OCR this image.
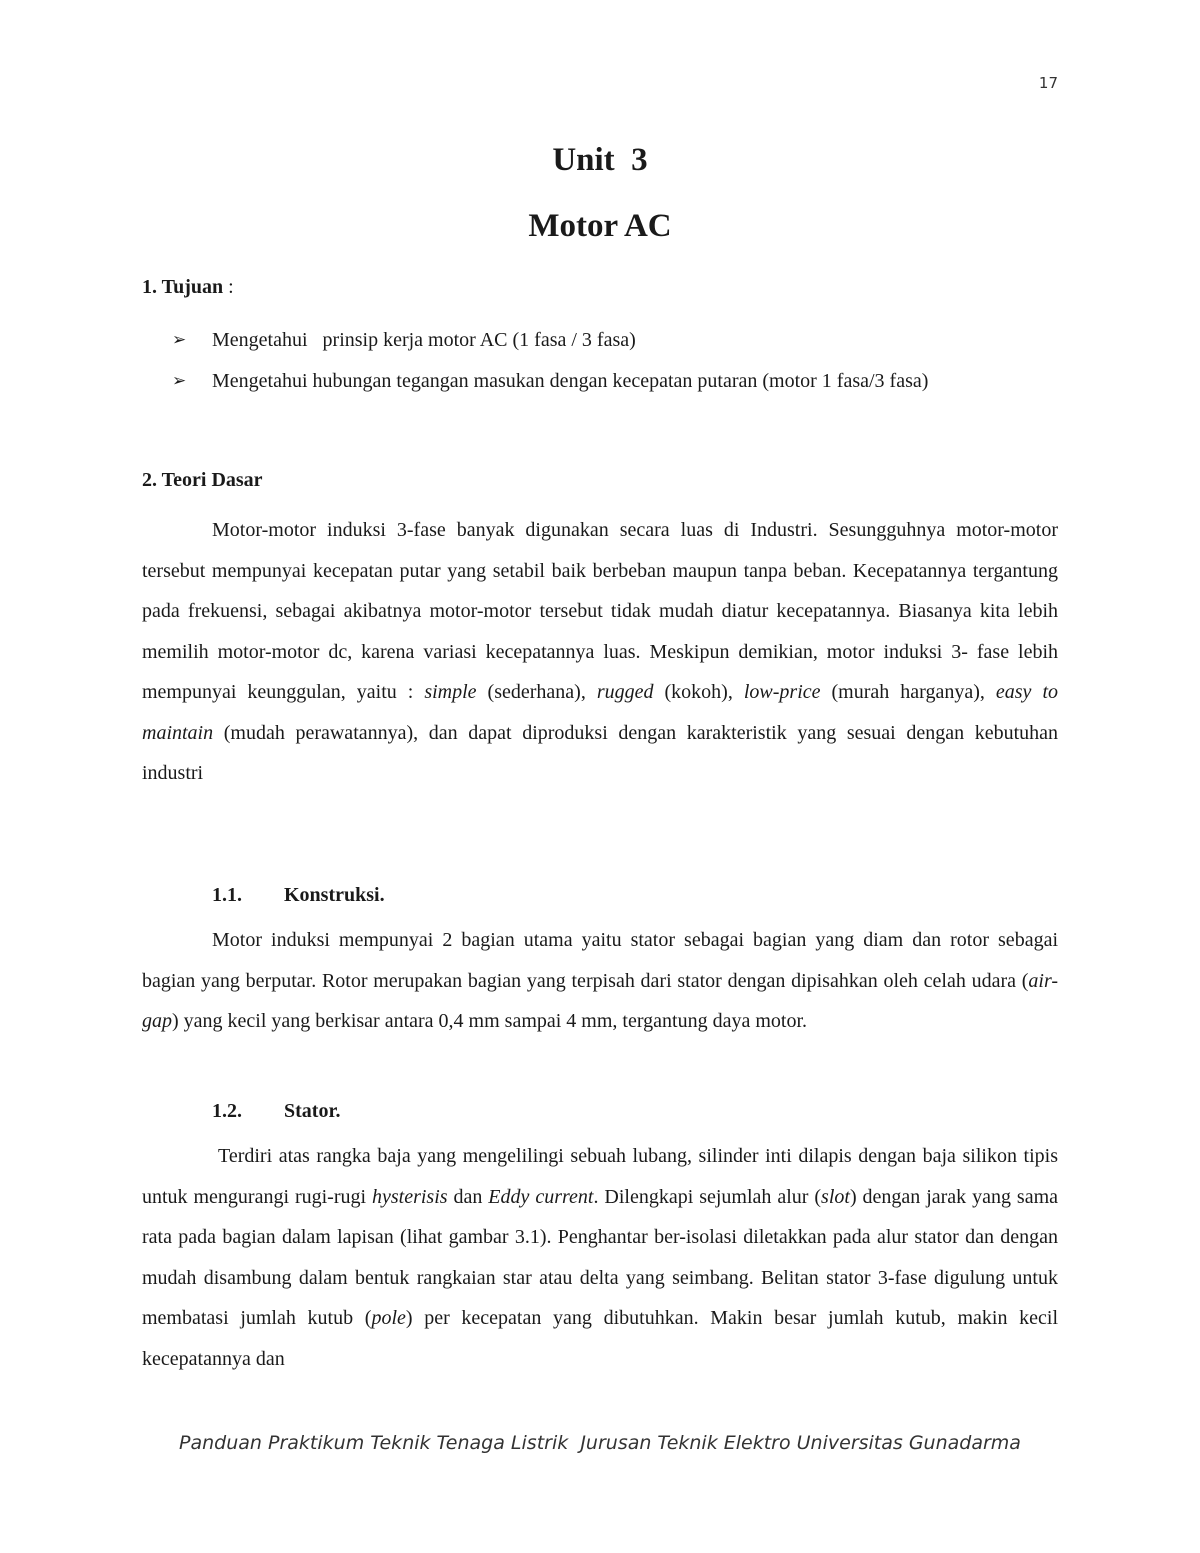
17
Unit  3
Motor AC
1. Tujuan :
➢	Mengetahui   prinsip kerja motor AC (1 fasa / 3 fasa)
➢	Mengetahui hubungan tegangan masukan dengan kecepatan putaran (motor 1 fasa/3 fasa)
2. Teori Dasar

Motor-motor induksi 3-fase banyak digunakan secara luas di Industri. Sesungguhnya motor-motor tersebut mempunyai kecepatan putar yang setabil baik berbeban maupun tanpa beban. Kecepatannya tergantung pada frekuensi, sebagai akibatnya motor-motor tersebut tidak mudah diatur kecepatannya. Biasanya kita lebih memilih motor-motor dc, karena variasi kecepatannya luas. Meskipun demikian, motor induksi 3- fase lebih mempunyai keunggulan, yaitu : simple (sederhana), rugged (kokoh), low-price (murah harganya), easy to maintain (mudah perawatannya), dan dapat diproduksi dengan karakteristik yang sesuai dengan kebutuhan industri

1.1. Konstruksi.

Motor induksi mempunyai 2 bagian utama yaitu stator sebagai bagian yang diam dan rotor sebagai bagian yang berputar. Rotor merupakan bagian yang terpisah dari stator dengan dipisahkan oleh celah udara (air-gap) yang kecil yang berkisar antara 0,4 mm sampai 4 mm, tergantung daya motor.

1.2. Stator.

Terdiri atas rangka baja yang mengelilingi sebuah lubang, silinder inti dilapis dengan baja silikon tipis untuk mengurangi rugi-rugi hysterisis dan Eddy current. Dilengkapi sejumlah alur (slot) dengan jarak yang sama rata pada bagian dalam lapisan (lihat gambar 3.1). Penghantar ber-isolasi diletakkan pada alur stator dan dengan mudah disambung dalam bentuk rangkaian star atau delta yang seimbang. Belitan stator 3-fase digulung untuk membatasi jumlah kutub (pole) per kecepatan yang dibutuhkan. Makin besar jumlah kutub, makin kecil kecepatannya dan

Panduan Praktikum Teknik Tenaga Listrik  Jurusan Teknik Elektro Universitas Gunadarma
